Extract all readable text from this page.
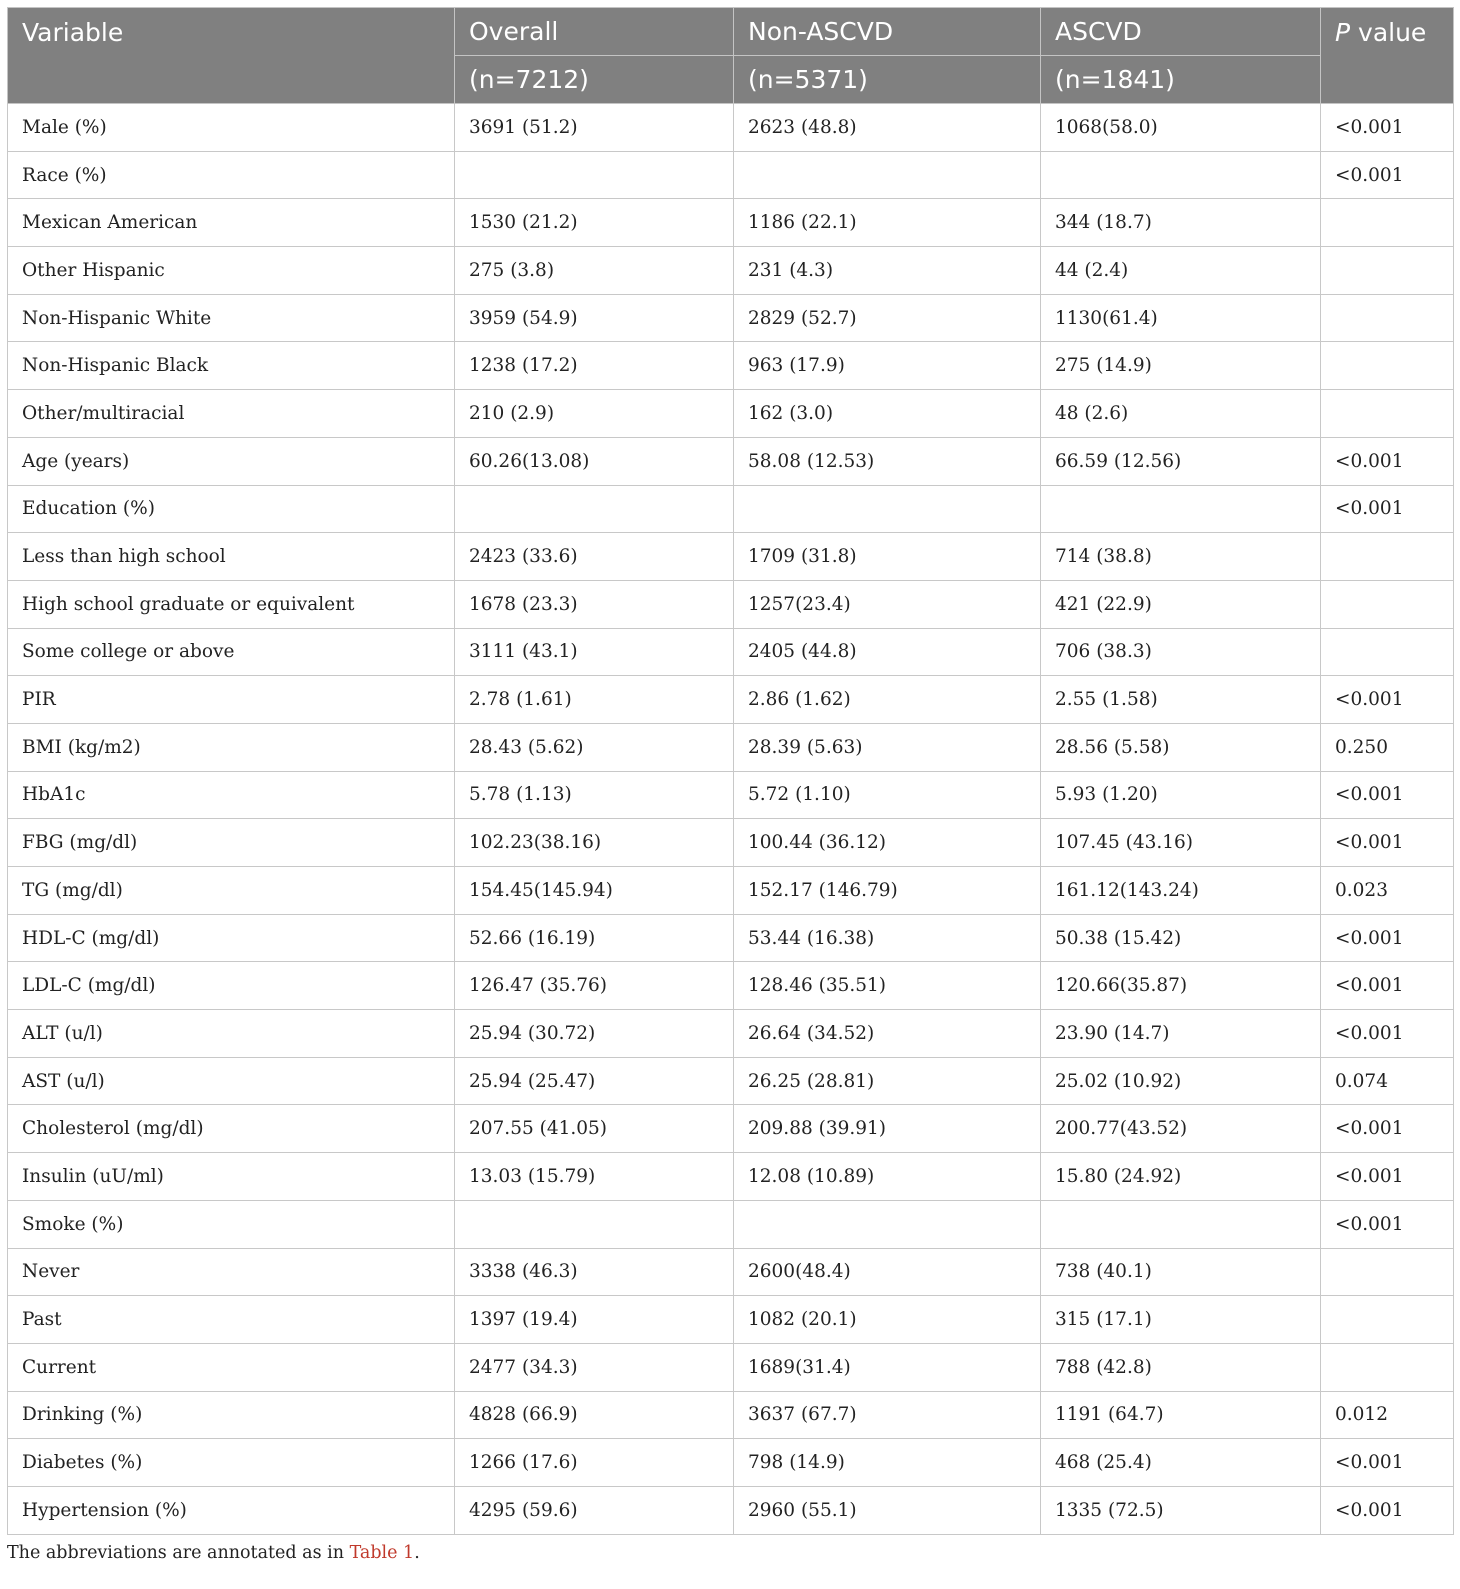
Variable	Overall	Non-ASCVD	ASCVD	P value
	(n=7212)	(n=5371)	(n=1841)	
Male (%)	3691 (51.2)	2623 (48.8)	1068(58.0)	<0.001
Race (%)				<0.001
Mexican American	1530 (21.2)	1186 (22.1)	344 (18.7)	
Other Hispanic	275 (3.8)	231 (4.3)	44 (2.4)	
Non-Hispanic White	3959 (54.9)	2829 (52.7)	1130(61.4)	
Non-Hispanic Black	1238 (17.2)	963 (17.9)	275 (14.9)	
Other/multiracial	210 (2.9)	162 (3.0)	48 (2.6)	
Age (years)	60.26(13.08)	58.08 (12.53)	66.59 (12.56)	<0.001
Education (%)				<0.001
Less than high school	2423 (33.6)	1709 (31.8)	714 (38.8)	
High school graduate or equivalent	1678 (23.3)	1257(23.4)	421 (22.9)	
Some college or above	3111 (43.1)	2405 (44.8)	706 (38.3)	
PIR	2.78 (1.61)	2.86 (1.62)	2.55 (1.58)	<0.001
BMI (kg/m2)	28.43 (5.62)	28.39 (5.63)	28.56 (5.58)	0.250
HbA1c	5.78 (1.13)	5.72 (1.10)	5.93 (1.20)	<0.001
FBG (mg/dl)	102.23(38.16)	100.44 (36.12)	107.45 (43.16)	<0.001
TG (mg/dl)	154.45(145.94)	152.17 (146.79)	161.12(143.24)	0.023
HDL-C (mg/dl)	52.66 (16.19)	53.44 (16.38)	50.38 (15.42)	<0.001
LDL-C (mg/dl)	126.47 (35.76)	128.46 (35.51)	120.66(35.87)	<0.001
ALT (u/l)	25.94 (30.72)	26.64 (34.52)	23.90 (14.7)	<0.001
AST (u/l)	25.94 (25.47)	26.25 (28.81)	25.02 (10.92)	0.074
Cholesterol (mg/dl)	207.55 (41.05)	209.88 (39.91)	200.77(43.52)	<0.001
Insulin (uU/ml)	13.03 (15.79)	12.08 (10.89)	15.80 (24.92)	<0.001
Smoke (%)				<0.001
Never	3338 (46.3)	2600(48.4)	738 (40.1)	
Past	1397 (19.4)	1082 (20.1)	315 (17.1)	
Current	2477 (34.3)	1689(31.4)	788 (42.8)	
Drinking (%)	4828 (66.9)	3637 (67.7)	1191 (64.7)	0.012
Diabetes (%)	1266 (17.6)	798 (14.9)	468 (25.4)	<0.001
Hypertension (%)	4295 (59.6)	2960 (55.1)	1335 (72.5)	<0.001
The abbreviations are annotated as in Table 1.
